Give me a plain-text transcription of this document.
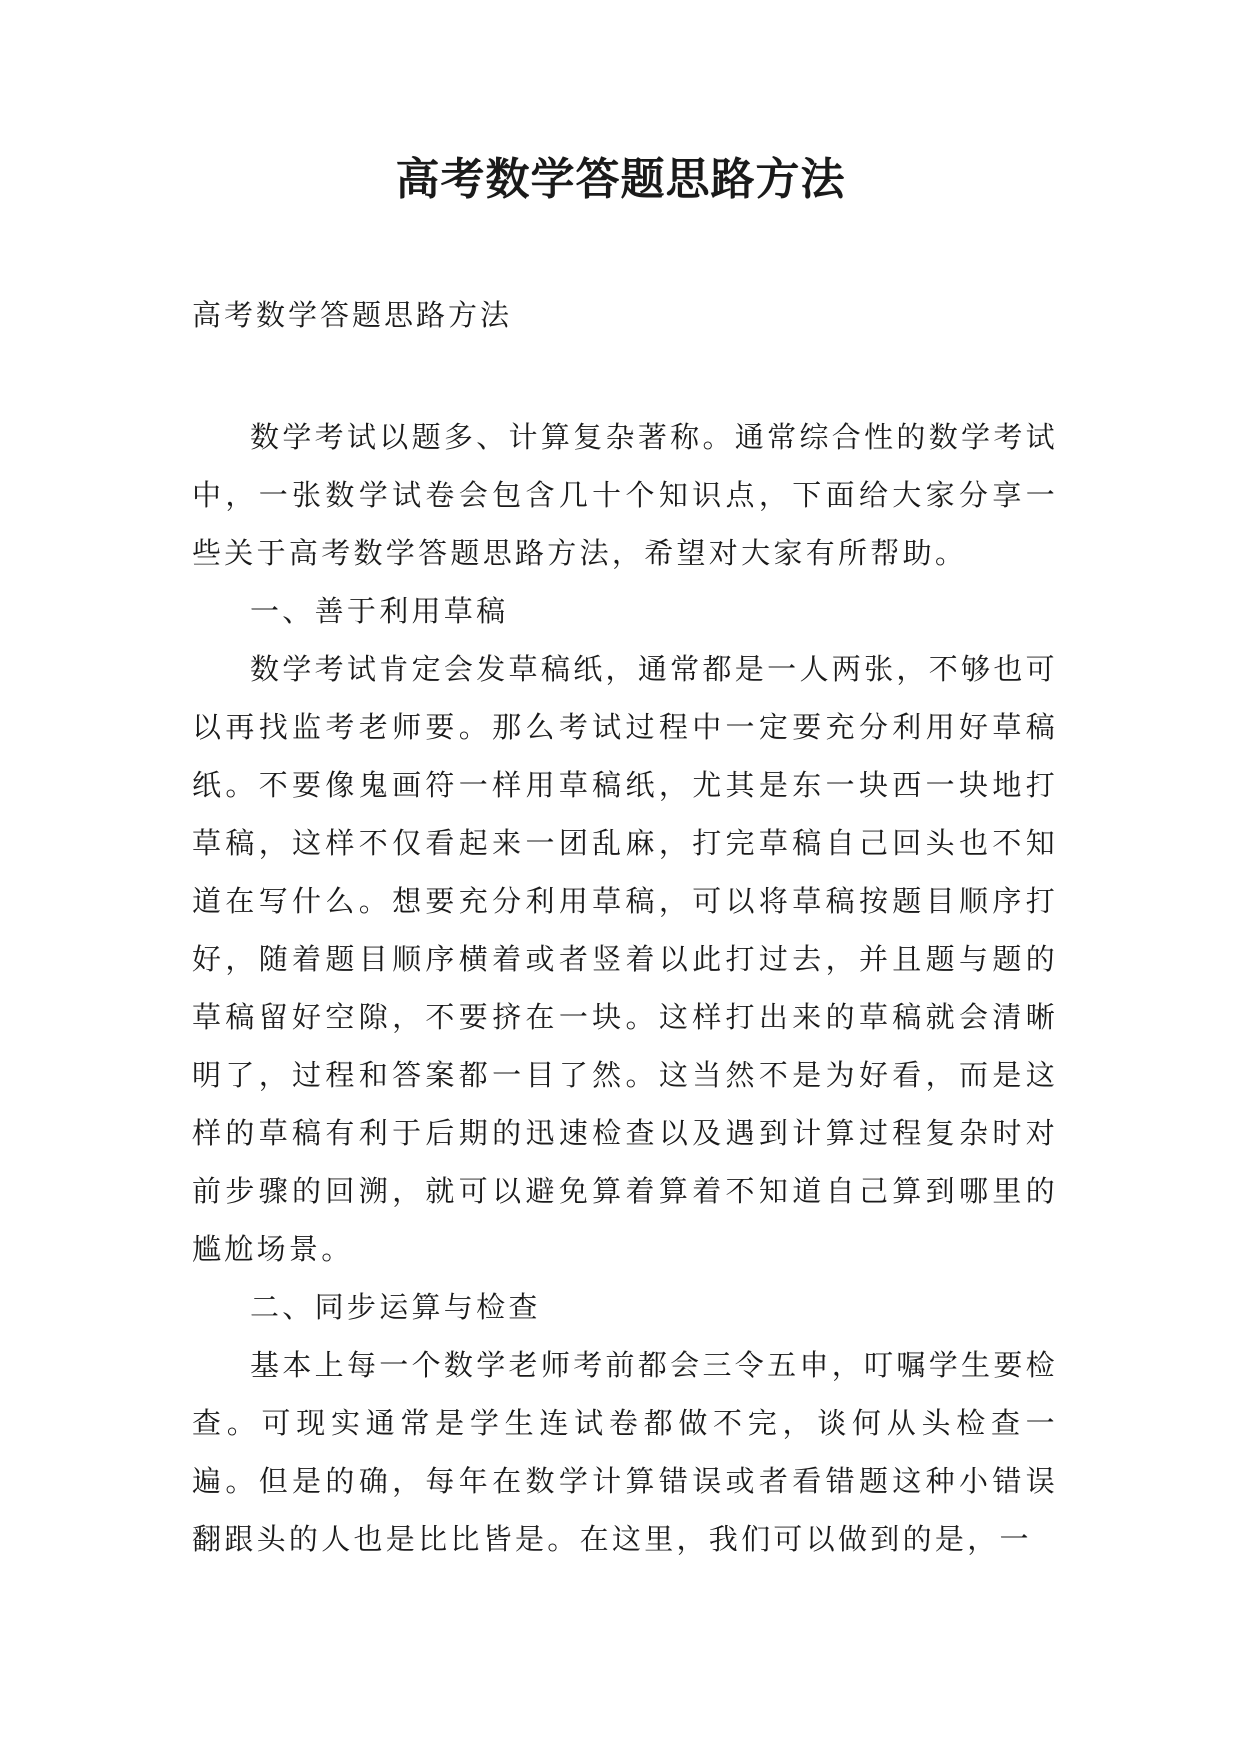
高考数学答题思路方法
高考数学答题思路方法

数学考试以题多、计算复杂著称。通常综合性的数学考试中，一张数学试卷会包含几十个知识点，下面给大家分享一些关于高考数学答题思路方法，希望对大家有所帮助。

一、善于利用草稿

数学考试肯定会发草稿纸，通常都是一人两张，不够也可以再找监考老师要。那么考试过程中一定要充分利用好草稿纸。不要像鬼画符一样用草稿纸，尤其是东一块西一块地打草稿，这样不仅看起来一团乱麻，打完草稿自己回头也不知道在写什么。想要充分利用草稿，可以将草稿按题目顺序打好，随着题目顺序横着或者竖着以此打过去，并且题与题的草稿留好空隙，不要挤在一块。这样打出来的草稿就会清晰明了，过程和答案都一目了然。这当然不是为好看，而是这样的草稿有利于后期的迅速检查以及遇到计算过程复杂时对前步骤的回溯，就可以避免算着算着不知道自己算到哪里的尴尬场景。

二、同步运算与检查

基本上每一个数学老师考前都会三令五申，叮嘱学生要检查。可现实通常是学生连试卷都做不完，谈何从头检查一遍。但是的确，每年在数学计算错误或者看错题这种小错误翻跟头的人也是比比皆是。在这里，我们可以做到的是，一
